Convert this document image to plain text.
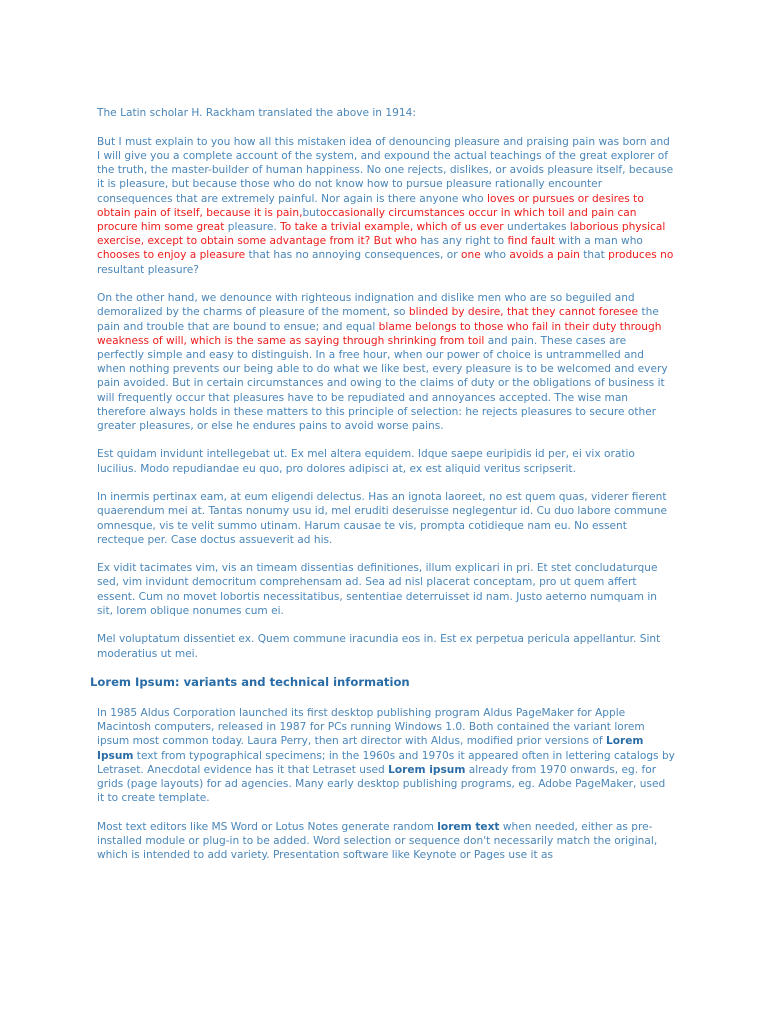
The Latin scholar H. Rackham translated the above in 1914:

But I must explain to you how all this mistaken idea of denouncing pleasure and praising pain was born and I will give you a complete account of the system, and expound the actual teachings of the great explorer of the truth, the master-builder of human happiness. No one rejects, dislikes, or avoids pleasure itself, because it is pleasure, but because those who do not know how to pursue pleasure rationally encounter consequences that are extremely painful. Nor again is there anyone who loves or pursues or desires to obtain pain of itself, because it is pain,butoccasionally circumstances occur in which toil and pain can procure him some great pleasure. To take a trivial example, which of us ever undertakes laborious physical exercise, except to obtain some advantage from it? But who has any right to find fault with a man who chooses to enjoy a pleasure that has no annoying consequences, or one who avoids a pain that produces no resultant pleasure?

On the other hand, we denounce with righteous indignation and dislike men who are so beguiled and demoralized by the charms of pleasure of the moment, so blinded by desire, that they cannot foresee the pain and trouble that are bound to ensue; and equal blame belongs to those who fail in their duty through weakness of will, which is the same as saying through shrinking from toil and pain. These cases are perfectly simple and easy to distinguish. In a free hour, when our power of choice is untrammelled and when nothing prevents our being able to do what we like best, every pleasure is to be welcomed and every pain avoided. But in certain circumstances and owing to the claims of duty or the obligations of business it will frequently occur that pleasures have to be repudiated and annoyances accepted. The wise man therefore always holds in these matters to this principle of selection: he rejects pleasures to secure other greater pleasures, or else he endures pains to avoid worse pains.

Est quidam invidunt intellegebat ut. Ex mel altera equidem. Idque saepe euripidis id per, ei vix oratio lucilius. Modo repudiandae eu quo, pro dolores adipisci at, ex est aliquid veritus scripserit.

In inermis pertinax eam, at eum eligendi delectus. Has an ignota laoreet, no est quem quas, viderer fierent quaerendum mei at. Tantas nonumy usu id, mel eruditi deseruisse neglegentur id. Cu duo labore commune omnesque, vis te velit summo utinam. Harum causae te vis, prompta cotidieque nam eu. No essent recteque per. Case doctus assueverit ad his.

Ex vidit tacimates vim, vis an timeam dissentias definitiones, illum explicari in pri. Et stet concludaturque sed, vim invidunt democritum comprehensam ad. Sea ad nisl placerat conceptam, pro ut quem affert essent. Cum no movet lobortis necessitatibus, sententiae deterruisset id nam. Justo aeterno numquam in sit, lorem oblique nonumes cum ei.

Mel voluptatum dissentiet ex. Quem commune iracundia eos in. Est ex perpetua pericula appellantur. Sint moderatius ut mei.

Lorem Ipsum: variants and technical information

In 1985 Aldus Corporation launched its first desktop publishing program Aldus PageMaker for Apple Macintosh computers, released in 1987 for PCs running Windows 1.0. Both contained the variant lorem ipsum most common today. Laura Perry, then art director with Aldus, modified prior versions of Lorem Ipsum text from typographical specimens; in the 1960s and 1970s it appeared often in lettering catalogs by Letraset. Anecdotal evidence has it that Letraset used Lorem ipsum already from 1970 onwards, eg. for grids (page layouts) for ad agencies. Many early desktop publishing programs, eg. Adobe PageMaker, used it to create template.

Most text editors like MS Word or Lotus Notes generate random lorem text when needed, either as pre-installed module or plug-in to be added. Word selection or sequence don't necessarily match the original, which is intended to add variety. Presentation software like Keynote or Pages use it as
